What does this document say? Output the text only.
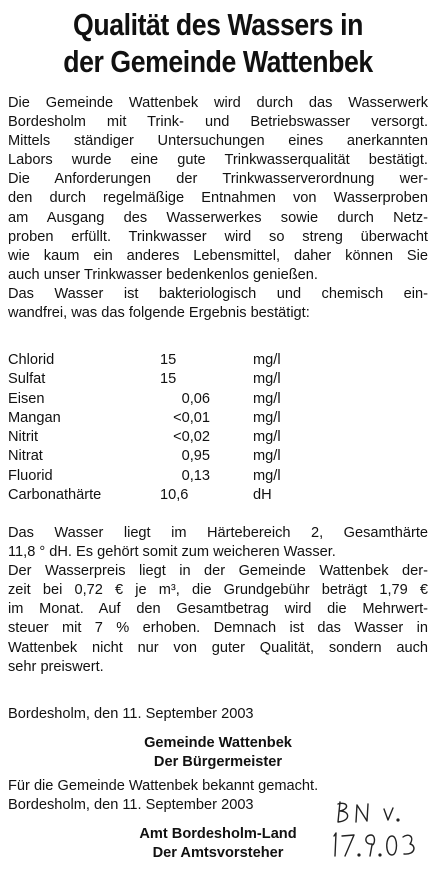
Qualität des Wassers in
der Gemeinde Wattenbek
Die Gemeinde Wattenbek wird durch das Wasserwerk
Bordesholm mit Trink- und Betriebswasser versorgt.
Mittels ständiger Untersuchungen eines anerkannten
Labors wurde eine gute Trinkwasserqualität bestätigt.
Die Anforderungen der Trinkwasserverordnung wer-
den durch regelmäßige Entnahmen von Wasserproben
am Ausgang des Wasserwerkes sowie durch Netz-
proben erfüllt. Trinkwasser wird so streng überwacht
wie kaum ein anderes Lebensmittel, daher können Sie
auch unser Trinkwasser bedenkenlos genießen.
Das Wasser ist bakteriologisch und chemisch ein-
wandfrei, was das folgende Ergebnis bestätigt:
Chlorid	15	mg/l
Sulfat	15	mg/l
Eisen	0,06	mg/l
Mangan	<0,01	mg/l
Nitrit	<0,02	mg/l
Nitrat	0,95	mg/l
Fluorid	0,13	mg/l
Carbonathärte	10,6	dH
Das Wasser liegt im Härtebereich 2, Gesamthärte
11,8 ° dH. Es gehört somit zum weicheren Wasser.
Der Wasserpreis liegt in der Gemeinde Wattenbek der-
zeit bei 0,72 € je m³, die Grundgebühr beträgt 1,79 €
im Monat. Auf den Gesamtbetrag wird die Mehrwert-
steuer mit 7 % erhoben. Demnach ist das Wasser in
Wattenbek nicht nur von guter Qualität, sondern auch
sehr preiswert.
Bordesholm, den 11. September 2003
Gemeinde Wattenbek
Der Bürgermeister
Für die Gemeinde Wattenbek bekannt gemacht.
Bordesholm, den 11. September 2003
Amt Bordesholm-Land
Der Amtsvorsteher
